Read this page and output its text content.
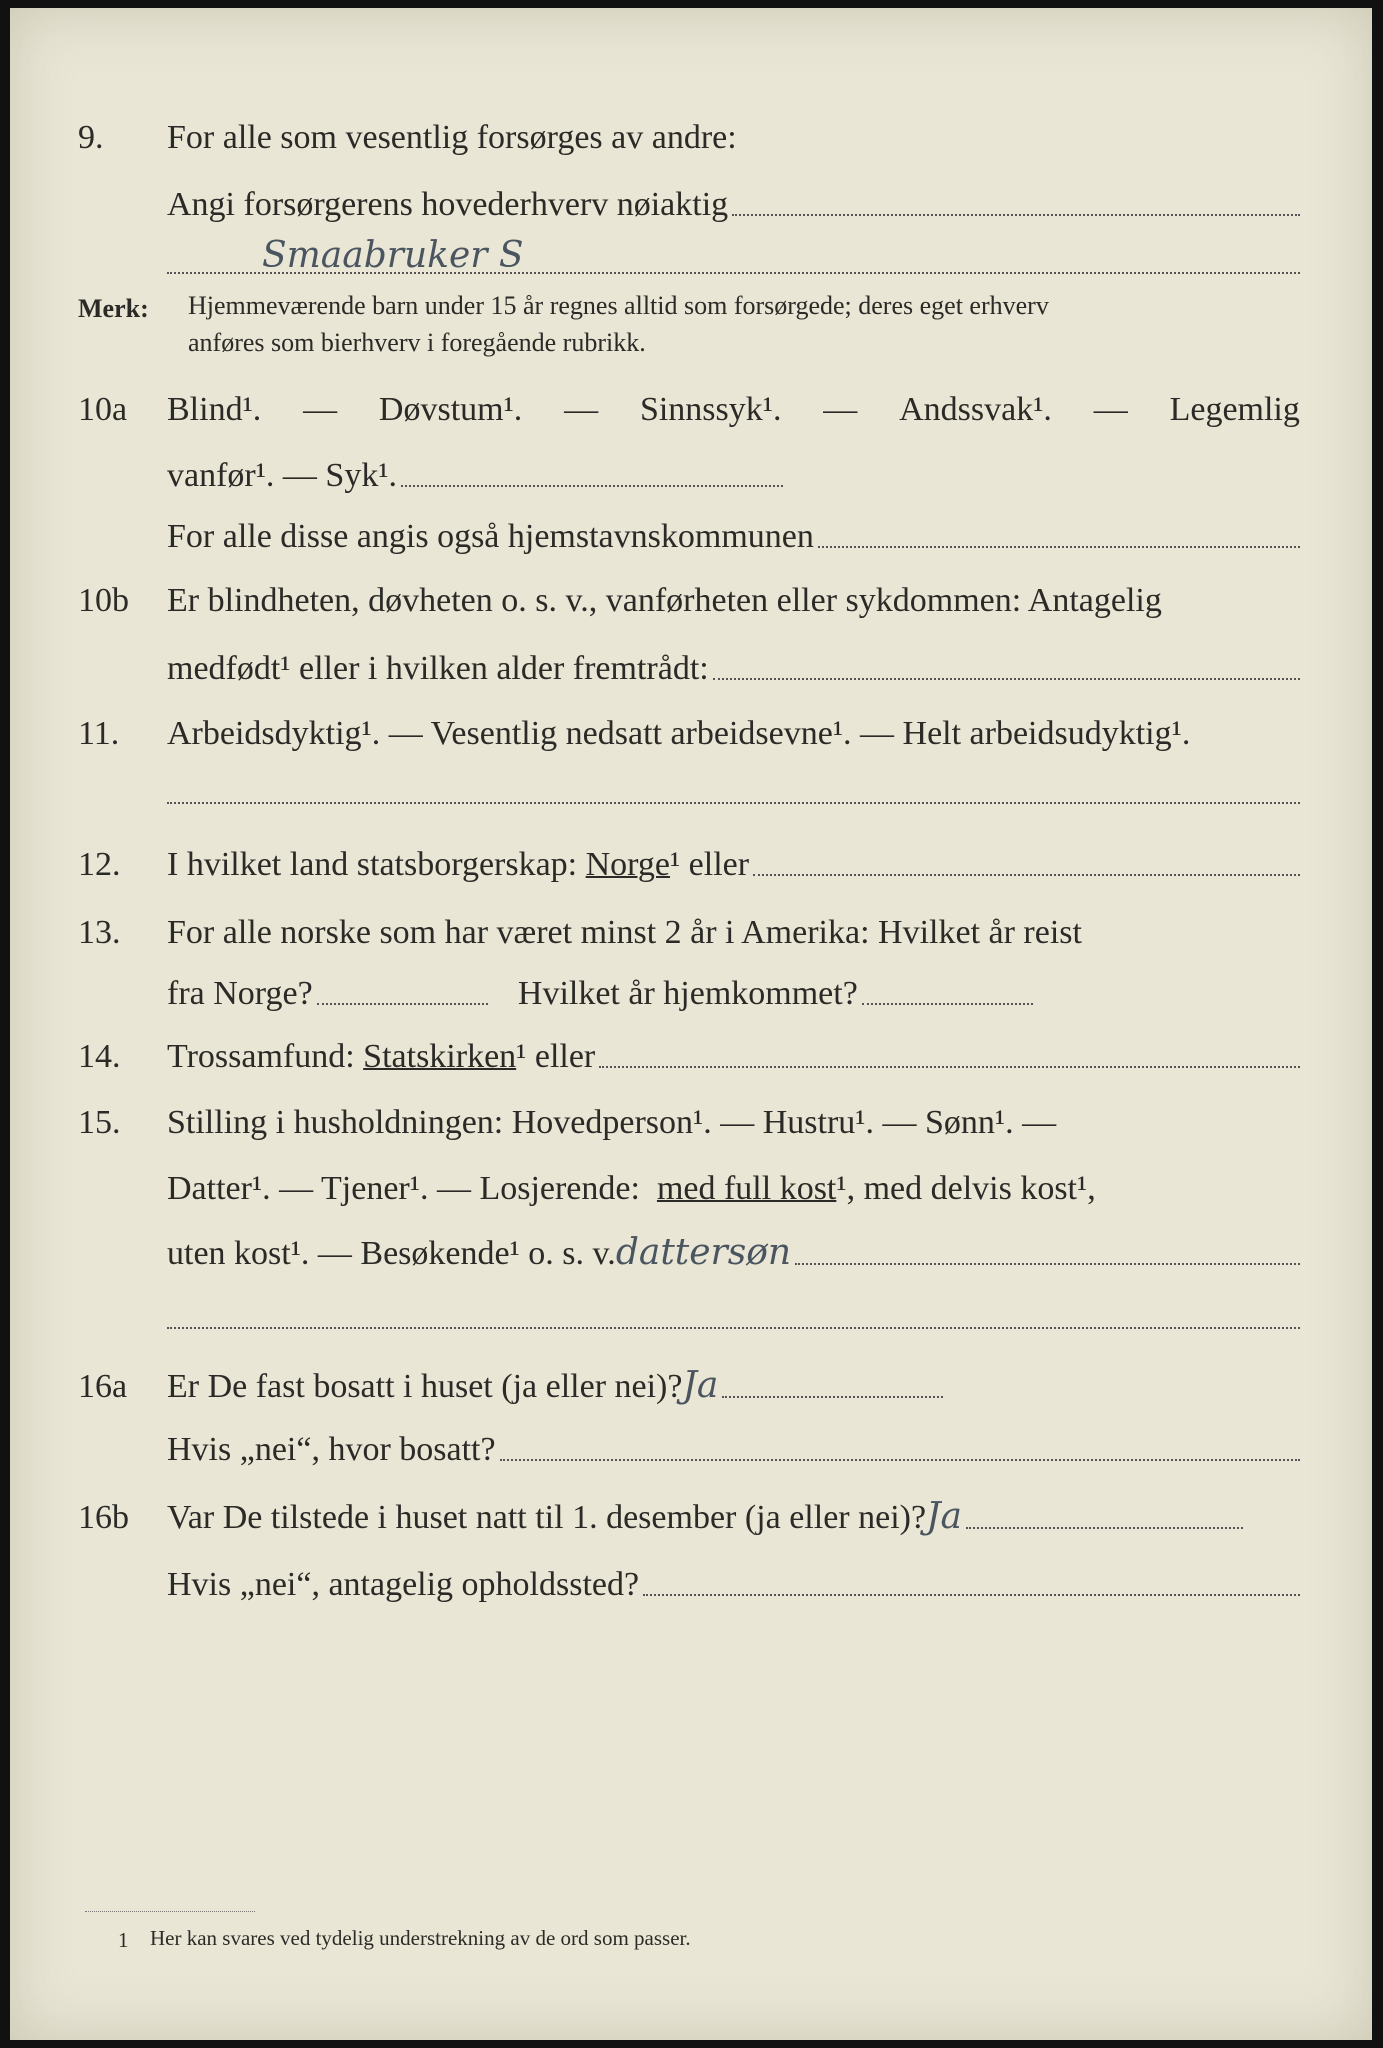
9. For alle som vesentlig forsørges av andre:
Angi forsørgerens hovederhverv nøiaktig
Smaabruker S
Merk: Hjemmeværende barn under 15 år regnes alltid som forsørgede; deres eget erhverv
anføres som bierhverv i foregående rubrikk.
10a Blind¹. — Døvstum¹. — Sinnssyk¹. — Andssvak¹. — Legemlig
vanfør¹. — Syk¹.
For alle disse angis også hjemstavnskommunen
10b Er blindheten, døvheten o. s. v., vanførheten eller sykdommen: Antagelig
medfødt¹ eller i hvilken alder fremtrådt:
11. Arbeidsdyktig¹. — Vesentlig nedsatt arbeidsevne¹. — Helt arbeidsudyktig¹.
12. I hvilket land statsborgerskap:
Norge ¹ eller
13. For alle norske som har været minst 2 år i Amerika: Hvilket år reist
fra Norge?	Hvilket år hjemkommet?
14. Trossamfund:
Statskirken ¹ eller
15. Stilling i husholdningen: Hovedperson¹. — Hustru¹. — Sønn¹. —
Datter¹. — Tjener¹. — Losjerende:
med full kost ¹, med delvis kost¹,
uten kost¹. — Besøkende¹ o. s. v. dattersøn
16a Er De fast bosatt i huset (ja eller nei)? Ja
Hvis „nei“, hvor bosatt?
16b Var De tilstede i huset natt til 1. desember (ja eller nei)? Ja
Hvis „nei“, antagelig opholdssted?
1 Her kan svares ved tydelig understrekning av de ord som passer.
